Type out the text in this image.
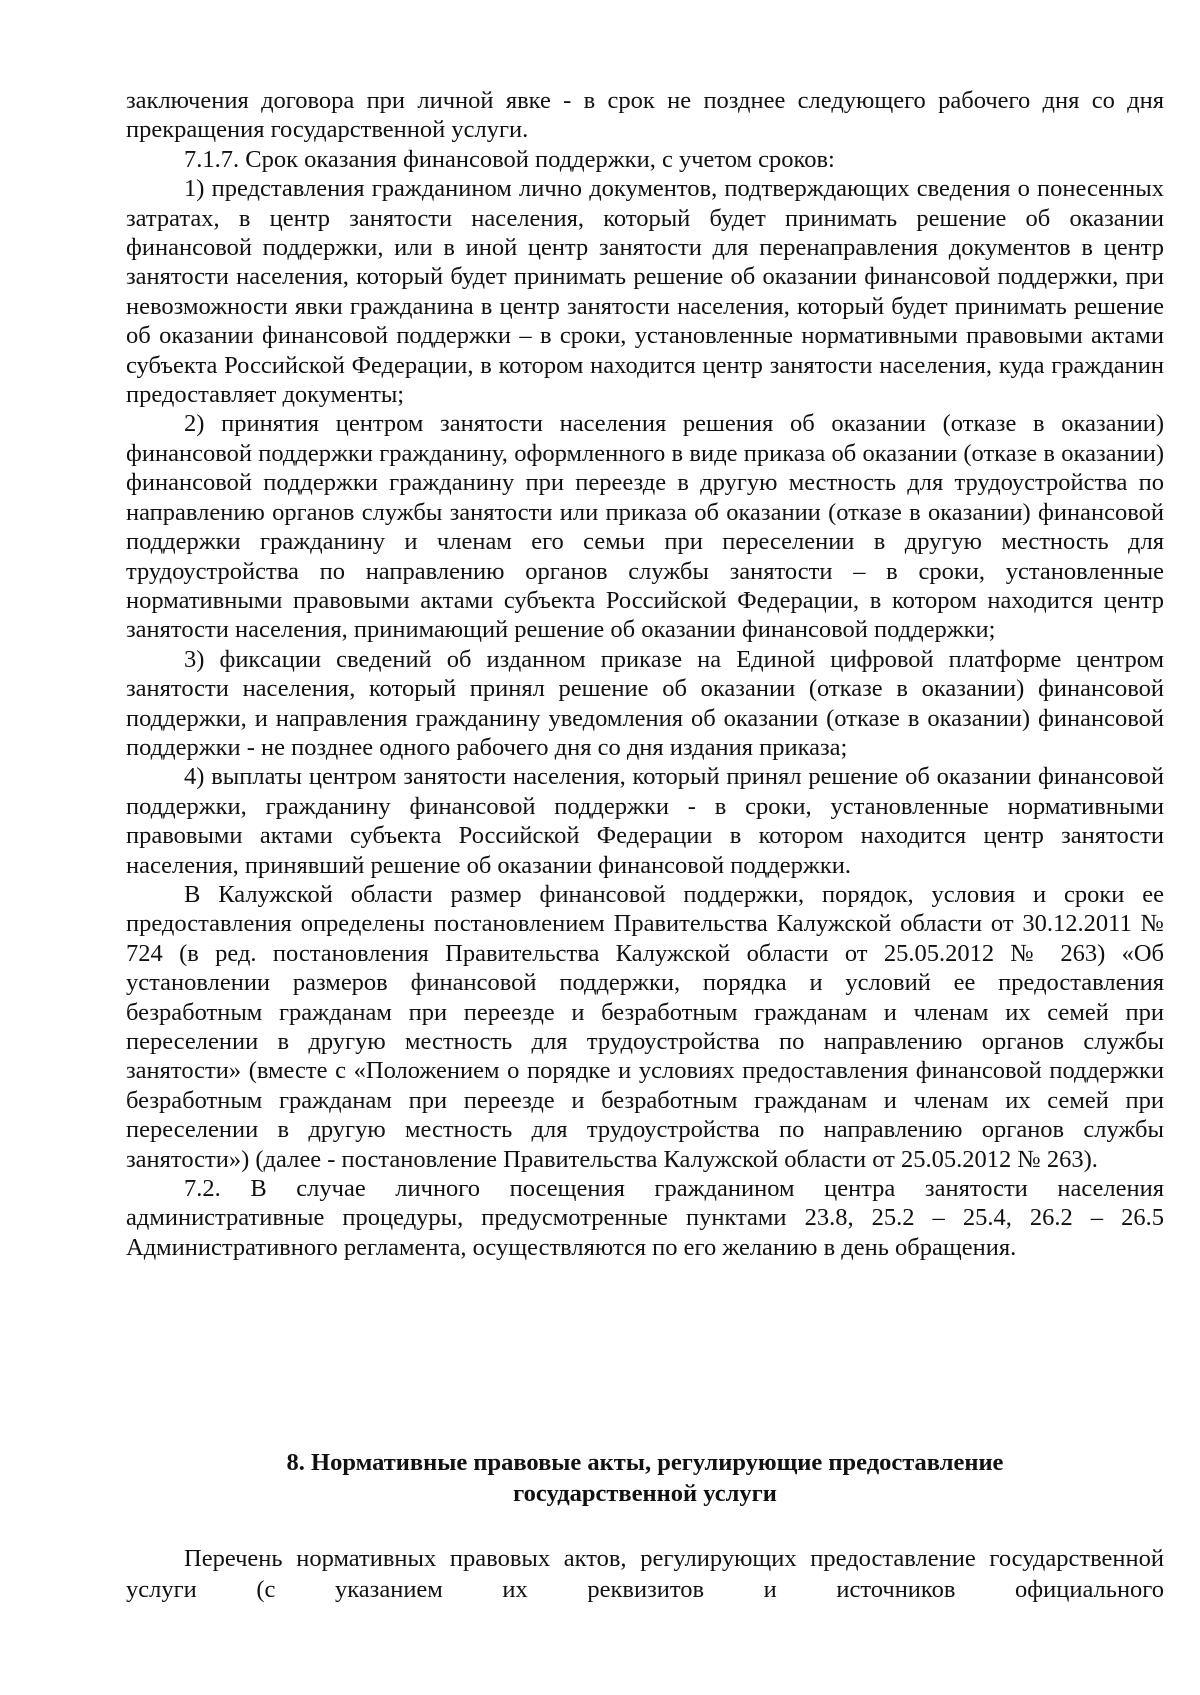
заключения договора при личной явке - в срок не позднее следующего рабочего дня со дня прекращения государственной услуги.

7.1.7. Срок оказания финансовой поддержки, с учетом сроков:

1) представления гражданином лично документов, подтверждающих сведения о понесенных затратах, в центр занятости населения, который будет принимать решение об оказании финансовой поддержки, или в иной центр занятости для перенаправления документов в центр занятости населения, который будет принимать решение об оказании финансовой поддержки, при невозможности явки гражданина в центр занятости населения, который будет принимать решение об оказании финансовой поддержки – в сроки, установленные нормативными правовыми актами субъекта Российской Федерации, в котором находится центр занятости населения, куда гражданин предоставляет документы;

2) принятия центром занятости населения решения об оказании (отказе в оказании) финансовой поддержки гражданину, оформленного в виде приказа об оказании (отказе в оказании) финансовой поддержки гражданину при переезде в другую местность для трудоустройства по направлению органов службы занятости или приказа об оказании (отказе в оказании) финансовой поддержки гражданину и членам его семьи при переселении в другую местность для трудоустройства по направлению органов службы занятости – в сроки, установленные нормативными правовыми актами субъекта Российской Федерации, в котором находится центр занятости населения, принимающий решение об оказании финансовой поддержки;

3) фиксации сведений об изданном приказе на Единой цифровой платформе центром занятости населения, который принял решение об оказании (отказе в оказании) финансовой поддержки, и направления гражданину уведомления об оказании (отказе в оказании) финансовой поддержки - не позднее одного рабочего дня со дня издания приказа;

4) выплаты центром занятости населения, который принял решение об оказании финансовой поддержки, гражданину финансовой поддержки - в сроки, установленные нормативными правовыми актами субъекта Российской Федерации в котором находится центр занятости населения, принявший решение об оказании финансовой поддержки.

В Калужской области размер финансовой поддержки, порядок, условия и сроки ее предоставления определены постановлением Правительства Калужской области от 30.12.2011 № 724 (в ред. постановления Правительства Калужской области от 25.05.2012 № 263) «Об установлении размеров финансовой поддержки, порядка и условий ее предоставления безработным гражданам при переезде и безработным гражданам и членам их семей при переселении в другую местность для трудоустройства по направлению органов службы занятости» (вместе с «Положением о порядке и условиях предоставления финансовой поддержки безработным гражданам при переезде и безработным гражданам и членам их семей при переселении в другую местность для трудоустройства по направлению органов службы занятости») (далее - постановление Правительства Калужской области от 25.05.2012 № 263).

7.2. В случае личного посещения гражданином центра занятости населения административные процедуры, предусмотренные пунктами 23.8, 25.2 – 25.4, 26.2 – 26.5 Административного регламента, осуществляются по его желанию в день обращения.

8. Нормативные правовые акты, регулирующие предоставление
государственной услуги

Перечень нормативных правовых актов, регулирующих предоставление государственной услуги (с указанием их реквизитов и источников официального
